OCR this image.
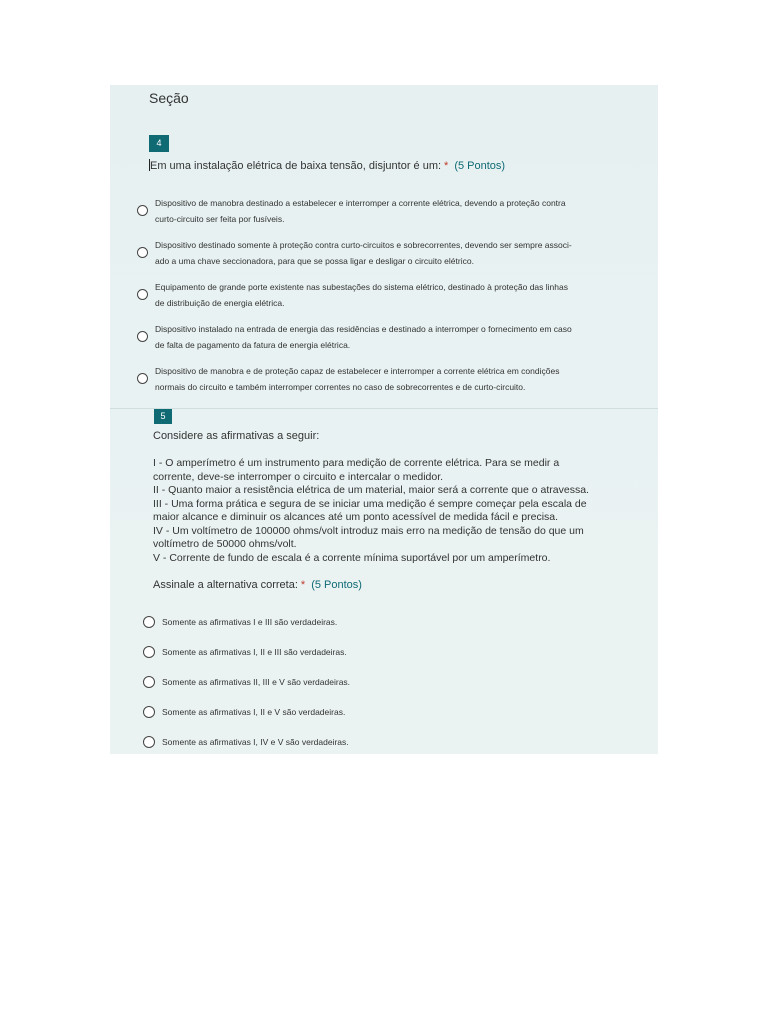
Seção
4
Em uma instalação elétrica de baixa tensão, disjuntor é um: * (5 Pontos)
Dispositivo de manobra destinado a estabelecer e interromper a corrente elétrica, devendo a proteção contra
curto-circuito ser feita por fusíveis.
Dispositivo destinado somente à proteção contra curto-circuitos e sobrecorrentes, devendo ser sempre associ-
ado a uma chave seccionadora, para que se possa ligar e desligar o circuito elétrico.
Equipamento de grande porte existente nas subestações do sistema elétrico, destinado à proteção das linhas
de distribuição de energia elétrica.
Dispositivo instalado na entrada de energia das residências e destinado a interromper o fornecimento em caso
de falta de pagamento da fatura de energia elétrica.
Dispositivo de manobra e de proteção capaz de estabelecer e interromper a corrente elétrica em condições
normais do circuito e também interromper correntes no caso de sobrecorrentes e de curto-circuito.
5
Considere as afirmativas a seguir:
I - O amperímetro é um instrumento para medição de corrente elétrica. Para se medir a
corrente, deve-se interromper o circuito e intercalar o medidor.
II - Quanto maior a resistência elétrica de um material, maior será a corrente que o atravessa.
III - Uma forma prática e segura de se iniciar uma medição é sempre começar pela escala de
maior alcance e diminuir os alcances até um ponto acessível de medida fácil e precisa.
IV - Um voltímetro de 100000 ohms/volt introduz mais erro na medição de tensão do que um
voltímetro de 50000 ohms/volt.
V - Corrente de fundo de escala é a corrente mínima suportável por um amperímetro.
Assinale a alternativa correta: * (5 Pontos)
Somente as afirmativas I e III são verdadeiras.
Somente as afirmativas I, II e III são verdadeiras.
Somente as afirmativas II, III e V são verdadeiras.
Somente as afirmativas I, II e V são verdadeiras.
Somente as afirmativas I, IV e V são verdadeiras.
